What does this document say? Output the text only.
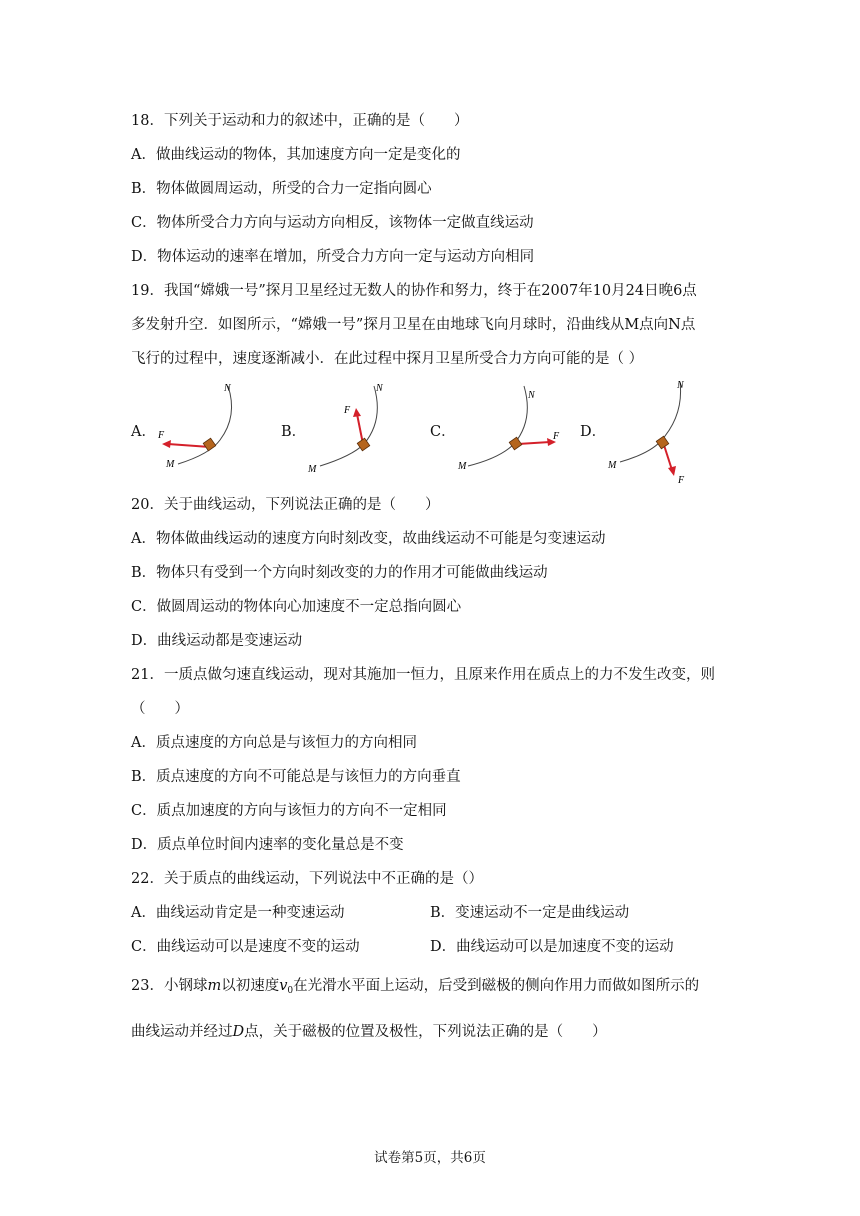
18．下列关于运动和力的叙述中，正确的是（　　）
A．做曲线运动的物体，其加速度方向一定是变化的
B．物体做圆周运动，所受的合力一定指向圆心
C．物体所受合力方向与运动方向相反，该物体一定做直线运动
D．物体运动的速率在增加，所受合力方向一定与运动方向相同
19．我国“嫦娥一号”探月卫星经过无数人的协作和努力，终于在2007年10月24日晚6点
多发射升空．如图所示，“嫦娥一号”探月卫星在由地球飞向月球时，沿曲线从M点向N点
飞行的过程中，速度逐渐减小．在此过程中探月卫星所受合力方向可能的是（ ）
A．	B．	C．	D．
N
M
F
N
M
F
N
M
F
N
M
F
20．关于曲线运动，下列说法正确的是（　　）
A．物体做曲线运动的速度方向时刻改变，故曲线运动不可能是匀变速运动
B．物体只有受到一个方向时刻改变的力的作用才可能做曲线运动
C．做圆周运动的物体向心加速度不一定总指向圆心
D．曲线运动都是变速运动
21．一质点做匀速直线运动，现对其施加一恒力，且原来作用在质点上的力不发生改变，则
（　　）
A．质点速度的方向总是与该恒力的方向相同
B．质点速度的方向不可能总是与该恒力的方向垂直
C．质点加速度的方向与该恒力的方向不一定相同
D．质点单位时间内速率的变化量总是不变
22．关于质点的曲线运动，下列说法中不正确的是（）
A．曲线运动肯定是一种变速运动	B．变速运动不一定是曲线运动
C．曲线运动可以是速度不变的运动	D．曲线运动可以是加速度不变的运动
23．小钢球m以初速度$v_0$在光滑水平面上运动，后受到磁极的侧向作用力而做如图所示的
曲线运动并经过D点，关于磁极的位置及极性，下列说法正确的是（　　）
试卷第5页，共6页
